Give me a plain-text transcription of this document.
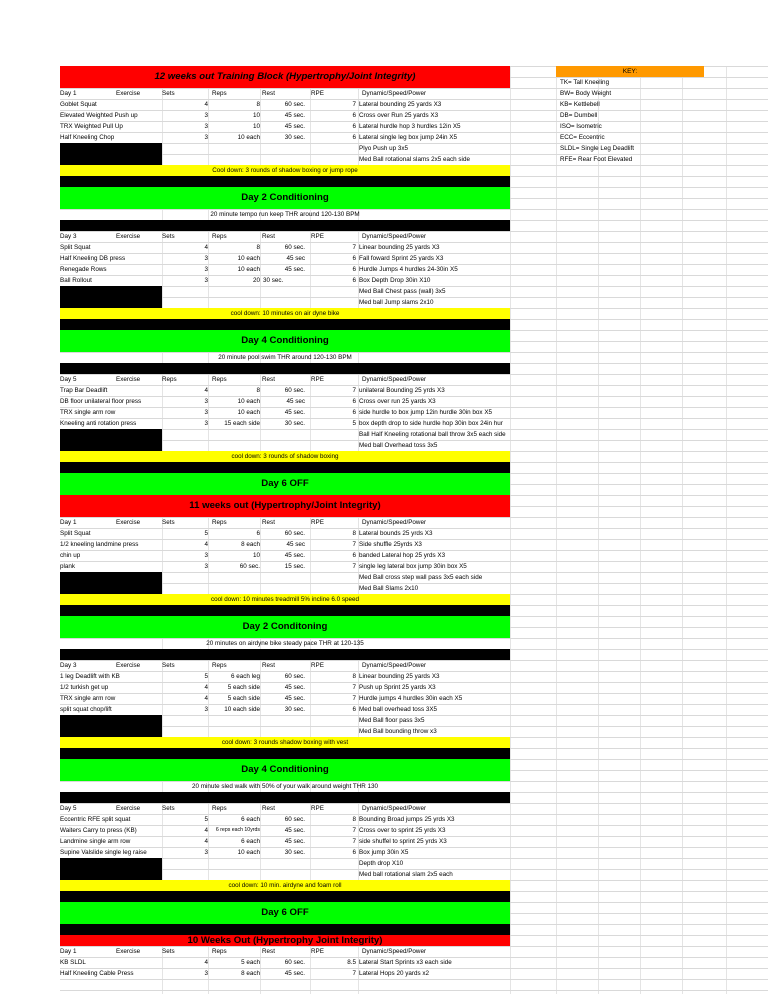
KEY:
TK= Tall Kneeling
BW= Body Weight
KB= Kettlebell
DB= Dumbell
ISO= Isometric
ECC= Eccentric
SLDL= Single Leg Deadlift
RFE= Rear Foot Elevated
12 weeks out Training Block (Hypertrophy/Joint Integrity)
Day 1	Exercise	Sets	Reps	Rest	RPE	Dynamic/Speed/Power
Goblet Squat	4	8	60 sec.	7 Lateral bounding 25 yards X3
Elevated Weighted Push up	3	10	45 sec.	6 Cross over Run 25 yards X3
TRX Weighted Pull Up	3	10	45 sec.	6 Lateral hurdle hop 3 hurdles 12in X5
Half Kneeling Chop	3	10 each	30 sec.	6 Lateral single leg box jump 24in X5
Plyo Push up 3x5
Med Ball rotational slams 2x5 each side
Cool down: 3 rounds of shadow boxing or jump rope
Day 2 Conditioning
20 minute tempo run keep THR around 120-130 BPM
Day 3	Exercise	Sets	Reps	Rest	RPE	Dynamic/Speed/Power
Split Squat	4	8	60 sec.	7 Linear bounding 25 yards X3
Half Kneeling DB press	3	10 each	45 sec	6 Fall foward Sprint 25 yards X3
Renegade Rows	3	10 each	45 sec.	6 Hurdle Jumps 4 hurdles 24-30in X5
Ball Rollout	3	20 30 sec.	6 Box Depth Drop 30in X10
Med Ball Chest pass (wall) 3x5
Med ball Jump slams 2x10
cool down: 10 minutes on air dyne bike
Day 4 Conditioning
20 minute pool swim THR around 120-130 BPM
Day 5	Exercise	Reps	Reps	Rest	RPE	Dynamic/Speed/Power
Trap Bar Deadlift	4	8	60 sec.	7 unilateral Bounding 25 yrds X3
DB floor unilateral floor press	3	10 each	45 sec	6 Cross over run 25 yards X3
TRX single arm row	3	10 each	45 sec.	6 side hurdle to box jump 12in hurdle 30in box X5
Kneeling anti rotation press	3	15 each side	30 sec.	5 box depth drop to side hurdle hop 30in box 24in hur
Ball Half Kneeling rotational ball throw 3x5 each side
Med ball Overhead toss 3x5
cool down: 3 rounds of shadow boxing
Day 6 OFF
11 weeks out (Hypertrophy/Joint Integrity)
Day 1	Exercise	Sets	Reps	Rest	RPE	Dynamic/Speed/Power
Split Squat	5	6	60 sec.	8 Lateral bounds 25 yrds X3
1/2 kneeling landmine press	4	8 each	45 sec	7 Side shuffle 25yrds X3
chin up	3	10	45 sec.	6 banded Lateral hop 25 yrds X3
plank	3	60 sec.	15 sec.	7 single leg lateral box jump 30in box X5
Med Ball cross step wall pass 3x5 each side
Med Ball Slams 2x10
cool down: 10 minutes treadmill 5% incline 6.0 speed
Day 2 Conditoning
20 minutes on airdyne bike steady pace THR at 120-135
Day 3	Exercise	Sets	Reps	Rest	RPE	Dynamic/Speed/Power
1 leg Deadlift with KB	5	6 each leg	60 sec.	8 Linear bounding 25 yards X3
1/2 turkish get up	4	5 each side	45 sec.	7 Push up Sprint 25 yards X3
TRX single arm row	4	5 each side	45 sec.	7 Hurdle jumps 4 hurdles 30in each X5
split squat chop/lift	3	10 each side	30 sec.	6 Med ball overhead toss 3X5
Med Ball floor pass 3x5
Med Ball bounding throw x3
cool down: 3 rounds shadow boxing with vest
Day 4 Conditioning
20 minute sled walk with 50% of your walk around weight THR 130
Day 5	Exercise	Sets	Reps	Rest	RPE	Dynamic/Speed/Power
Eccentric RFE split squat	5	6 each	60 sec.	8 Bounding Broad jumps 25 yrds X3
Waiters Carry to press (KB)	4	6 reps each 10yrds	45 sec.	7 Cross over to sprint 25 yrds X3
Landmine single arm row	4	6 each	45 sec.	7 side shuffel to sprint 25 yrds X3
Supine Valslide single leg raise	3	10 each	30 sec.	6 Box jump 30in X5
Depth drop X10
Med ball rotational slam 2x5 each
cool down: 10 min. airdyne and foam roll
Day 6 OFF
10 Weeks Out (Hypertrophy Joint Integrity)
Day 1	Exercise	Sets	Reps	Rest	RPE	Dynamic/Speed/Power
KB SLDL	4	5 each	60 sec.	8.5 Lateral Start Sprints x3 each side
Half Kneeling Cable Press	3	8 each	45 sec.	7 Lateral Hops 20 yards x2
